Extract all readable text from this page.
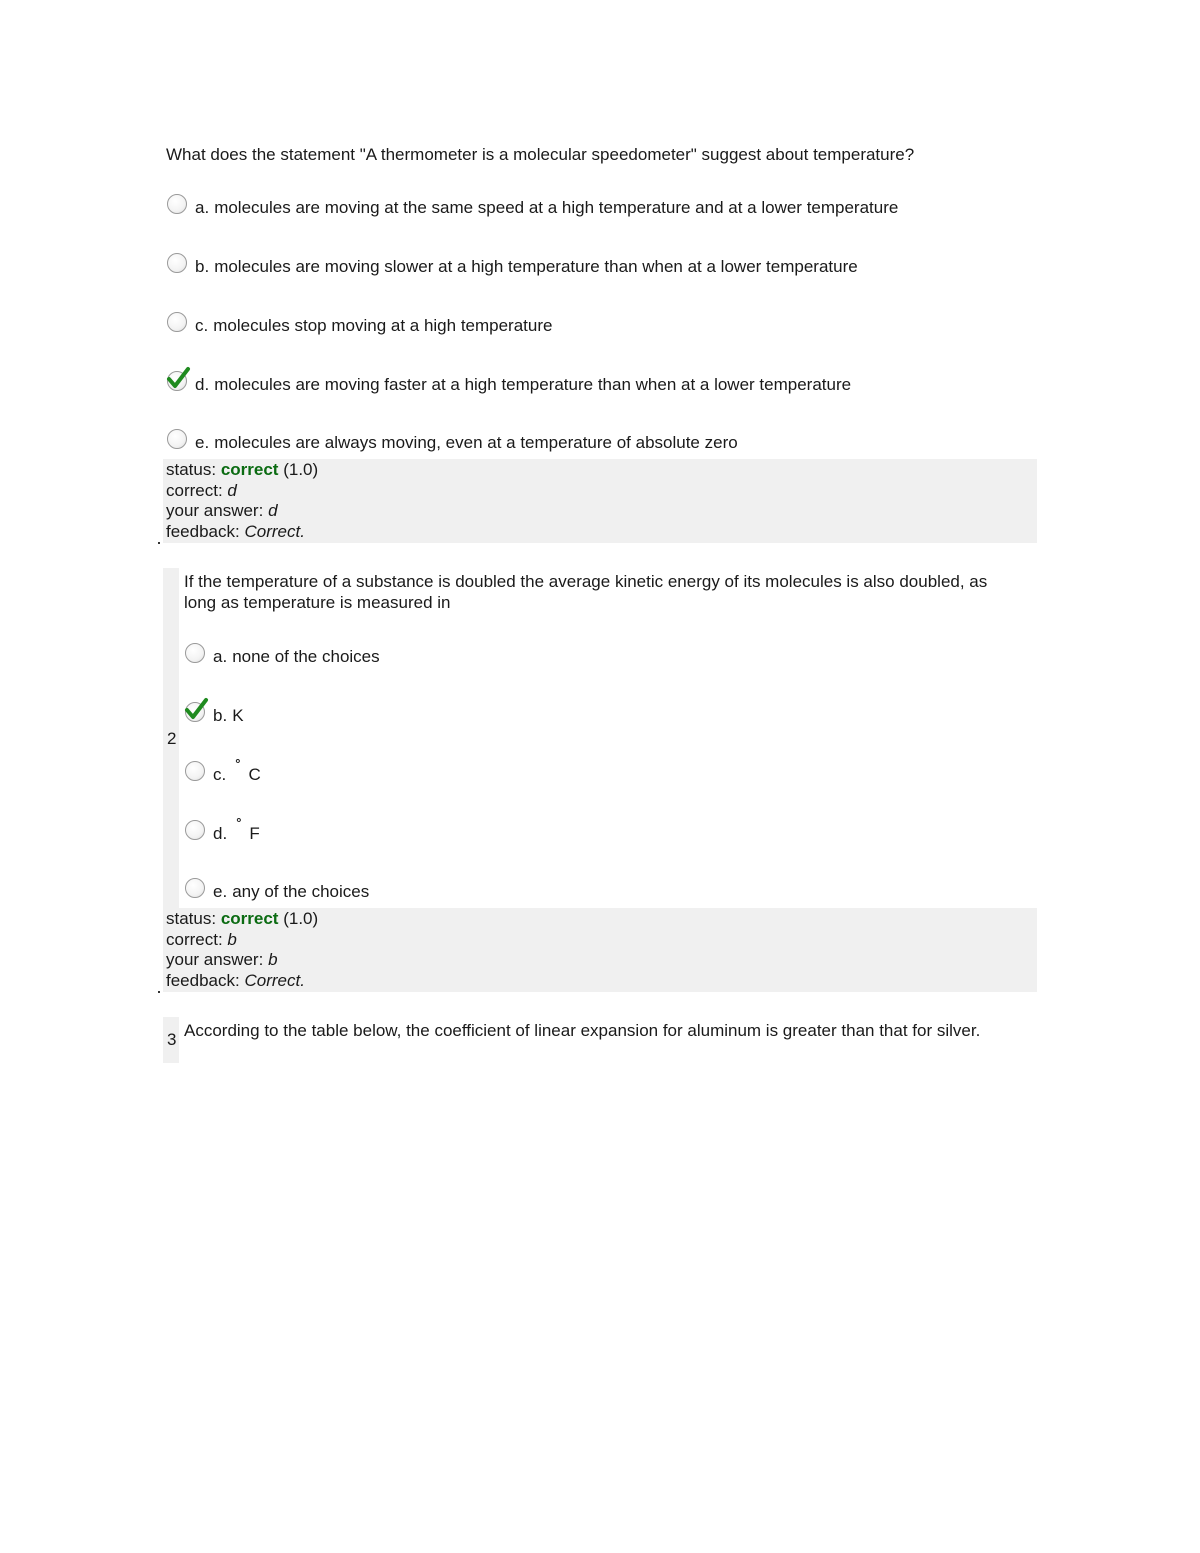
What does the statement "A thermometer is a molecular speedometer" suggest about temperature?

a. molecules are moving at the same speed at a high temperature and at a lower temperature
b. molecules are moving slower at a high temperature than when at a lower temperature
c. molecules stop moving at a high temperature
d. molecules are moving faster at a high temperature than when at a lower temperature
e. molecules are always moving, even at a temperature of absolute zero
status: correct (1.0)
correct: d
your answer: d
feedback: Correct.
2

If the temperature of a substance is doubled the average kinetic energy of its molecules is also doubled, as
long as temperature is measured in

a. none of the choices
b. K
c.
°
C
d.
°
F
e. any of the choices
status: correct (1.0)
correct: b
your answer: b
feedback: Correct.
3 According to the table below, the coefficient of linear expansion for aluminum is greater than that for silver.
